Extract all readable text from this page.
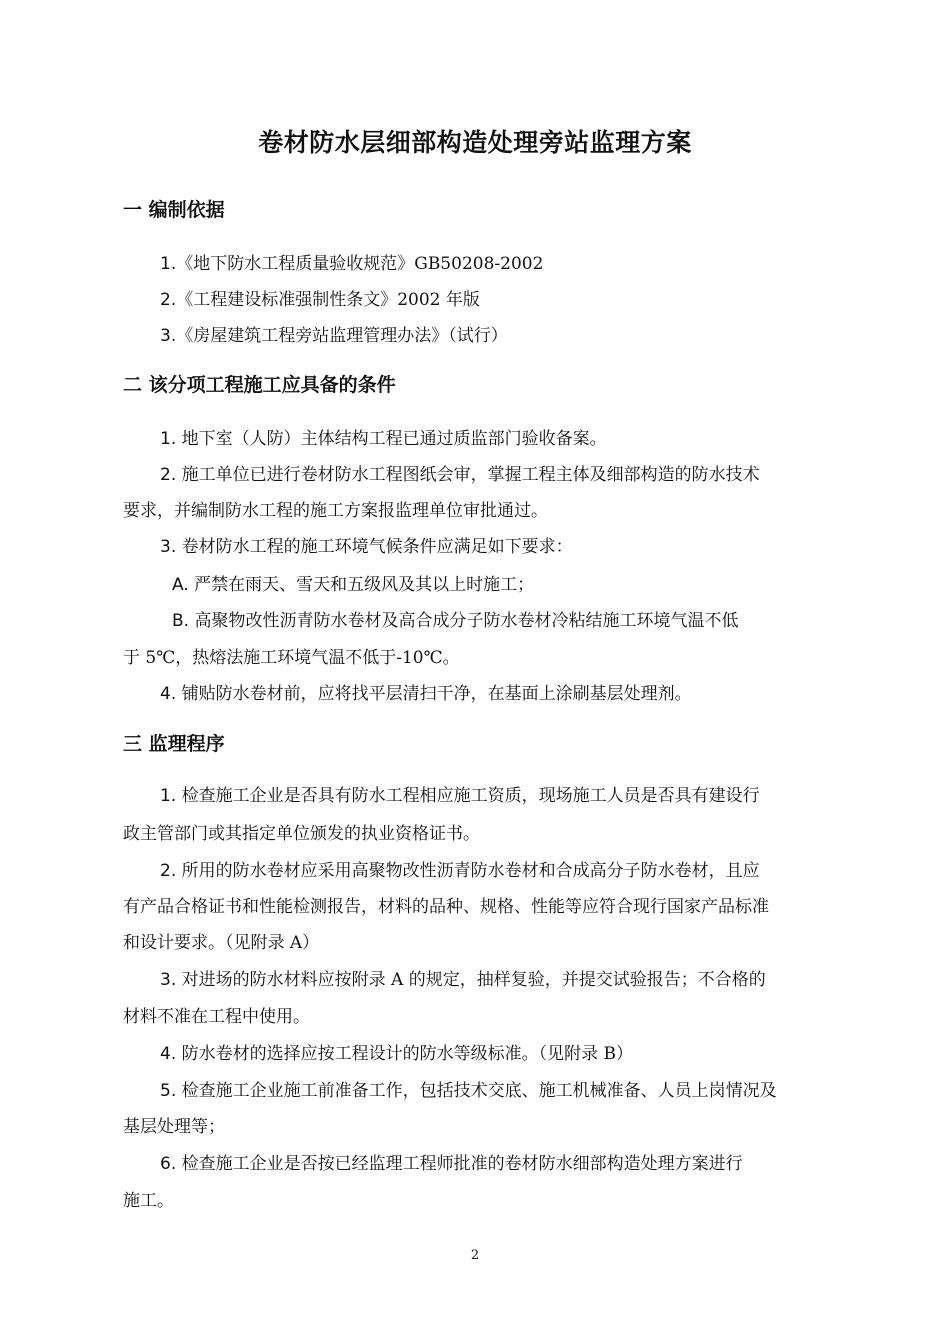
卷材防水层细部构造处理旁站监理方案
一 编制依据
1.《地下防水工程质量验收规范》GB50208-2002
2.《工程建设标准强制性条文》2002 年版
3.《房屋建筑工程旁站监理管理办法》（试行）
二 该分项工程施工应具备的条件
1. 地下室（人防）主体结构工程已通过质监部门验收备案。
2. 施工单位已进行卷材防水工程图纸会审，掌握工程主体及细部构造的防水技术
要求，并编制防水工程的施工方案报监理单位审批通过。
3. 卷材防水工程的施工环境气候条件应满足如下要求：
A. 严禁在雨天、雪天和五级风及其以上时施工；
B. 高聚物改性沥青防水卷材及高合成分子防水卷材冷粘结施工环境气温不低
于 5℃，热熔法施工环境气温不低于-10℃。
4. 铺贴防水卷材前，应将找平层清扫干净，在基面上涂刷基层处理剂。
三 监理程序
1. 检查施工企业是否具有防水工程相应施工资质，现场施工人员是否具有建设行
政主管部门或其指定单位颁发的执业资格证书。
2. 所用的防水卷材应采用高聚物改性沥青防水卷材和合成高分子防水卷材，且应
有产品合格证书和性能检测报告，材料的品种、规格、性能等应符合现行国家产品标准
和设计要求。（见附录 A）
3. 对进场的防水材料应按附录 A 的规定，抽样复验，并提交试验报告；不合格的
材料不准在工程中使用。
4. 防水卷材的选择应按工程设计的防水等级标准。（见附录 B）
5. 检查施工企业施工前准备工作，包括技术交底、施工机械准备、人员上岗情况及
基层处理等；
6. 检查施工企业是否按已经监理工程师批准的卷材防水细部构造处理方案进行
施工。
2
